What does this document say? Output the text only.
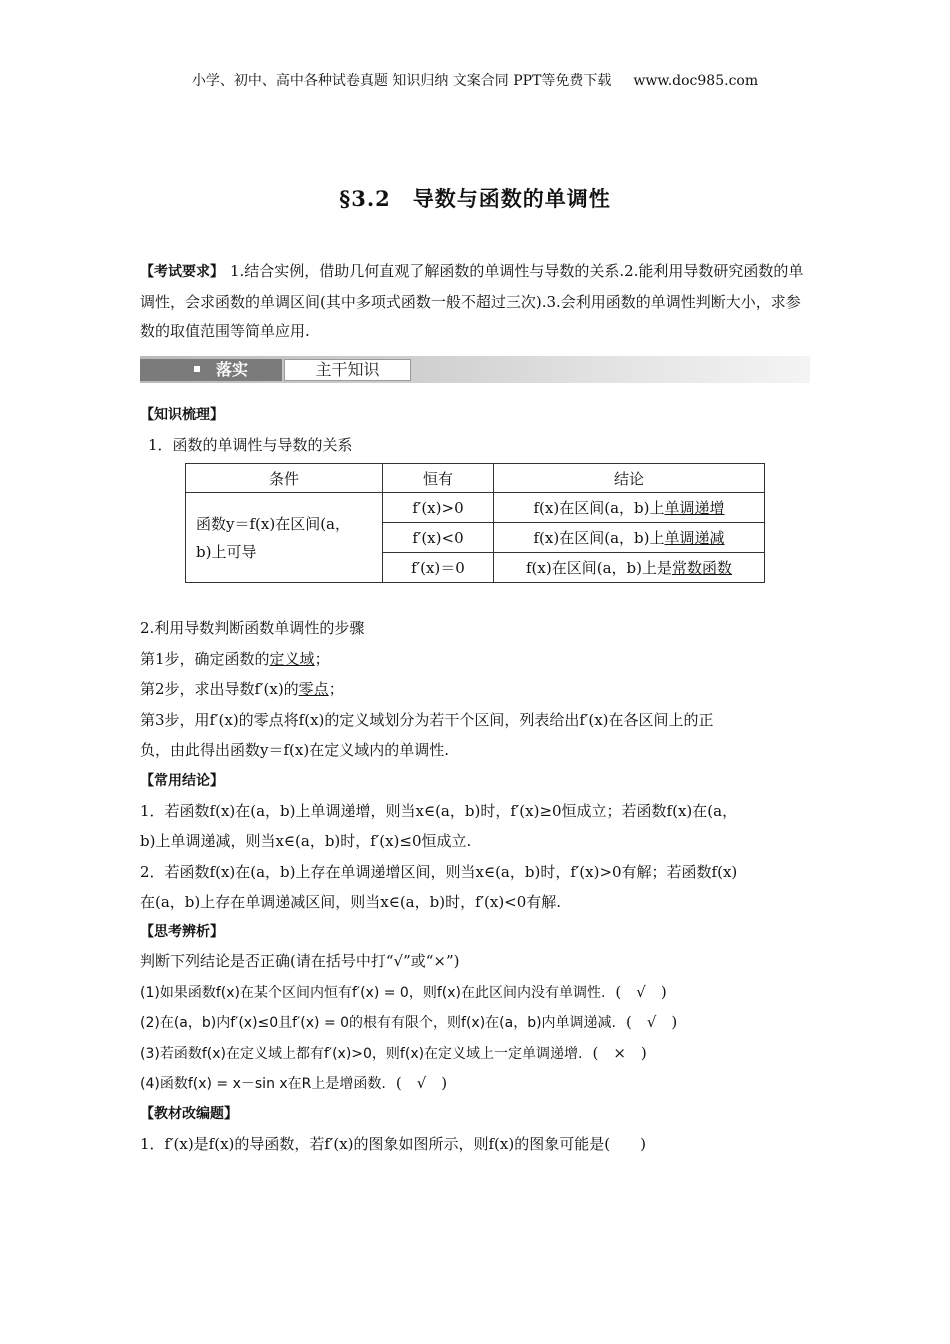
小学、初中、高中各种试卷真题 知识归纳 文案合同 PPT等免费下载 www.doc985.com
§3.2　导数与函数的单调性
【考试要求】 1.结合实例，借助几何直观了解函数的单调性与导数的关系.2.能利用导数研究函数的单调性，会求函数的单调区间(其中多项式函数一般不超过三次).3.会利用函数的单调性判断大小，求参数的取值范围等简单应用.
落实	主干知识
【知识梳理】
1．函数的单调性与导数的关系
条件	恒有	结论

函数y＝f(x)在区间(a，
b)上可导	f′(x)>0	f(x)在区间(a，b)上单调递增
	f′(x)<0	f(x)在区间(a，b)上单调递减
	f′(x)＝0	f(x)在区间(a，b)上是常数函数
2.利用导数判断函数单调性的步骤
第1步，确定函数的定义域；
第2步，求出导数f′(x)的零点；
第3步，用f′(x)的零点将f(x)的定义域划分为若干个区间，列表给出f′(x)在各区间上的正
负，由此得出函数y＝f(x)在定义域内的单调性.
【常用结论】
1．若函数f(x)在(a，b)上单调递增，则当x∈(a，b)时，f′(x)≥0恒成立；若函数f(x)在(a，
b)上单调递减，则当x∈(a，b)时，f′(x)≤0恒成立.
2．若函数f(x)在(a，b)上存在单调递增区间，则当x∈(a，b)时，f′(x)>0有解；若函数f(x)
在(a，b)上存在单调递减区间，则当x∈(a，b)时，f′(x)<0有解.
【思考辨析】
判断下列结论是否正确(请在括号中打“√”或“×”)
(1)如果函数f(x)在某个区间内恒有f′(x) = 0，则f(x)在此区间内没有单调性. (　√　)
(2)在(a，b)内f′(x)≤0且f′(x) = 0的根有有限个，则f(x)在(a，b)内单调递减. (　√　)
(3)若函数f(x)在定义域上都有f′(x)>0，则f(x)在定义域上一定单调递增. (　×　)
(4)函数f(x) = x－sin x在R上是增函数. (　√　)
【教材改编题】
1．f′(x)是f(x)的导函数，若f′(x)的图象如图所示，则f(x)的图象可能是(　　)
